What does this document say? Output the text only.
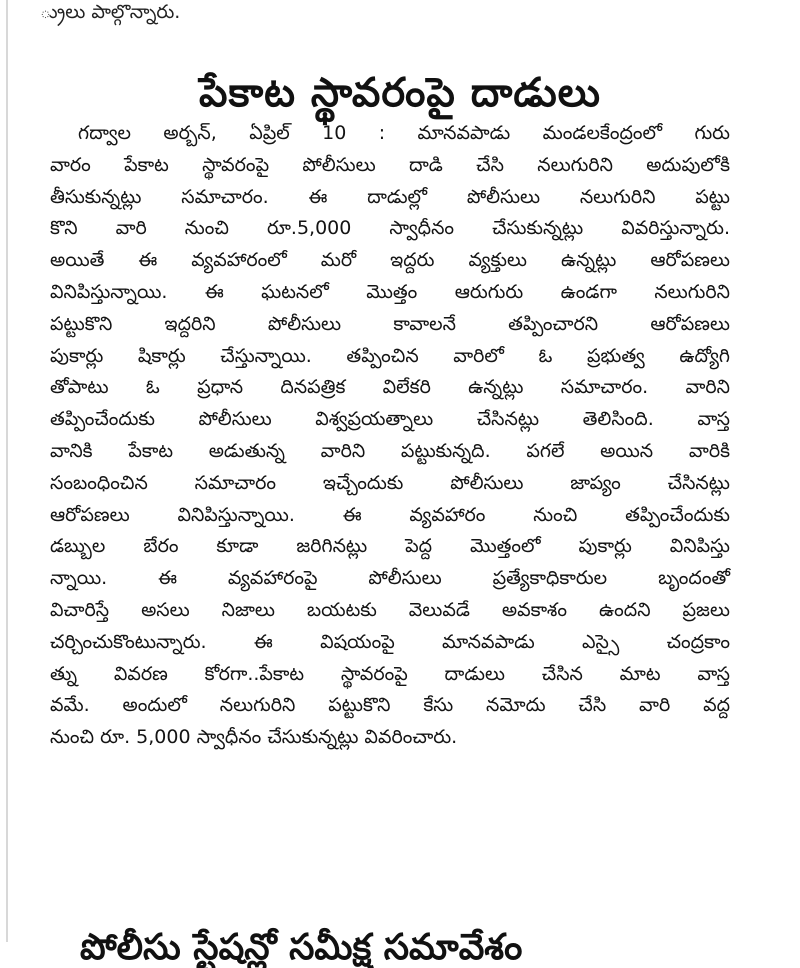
్రులు పాల్గొన్నారు.
పేకాట స్థావరంపై దాడులు
గద్వాల అర్బన్, ఏప్రిల్ 10 : మానవపాడు మండలకేంద్రంలో గురు
వారం పేకాట స్థావరంపై పోలీసులు దాడి చేసి నలుగురిని అదుపులోకి
తీసుకున్నట్లు సమాచారం. ఈ దాడుల్లో పోలీసులు నలుగురిని పట్టు
కొని వారి నుంచి రూ.5,000 స్వాధీనం చేసుకున్నట్లు వివరిస్తున్నారు.
అయితే ఈ వ్యవహారంలో మరో ఇద్దరు వ్యక్తులు ఉన్నట్లు ఆరోపణలు
వినిపిస్తున్నాయి. ఈ ఘటనలో మొత్తం ఆరుగురు ఉండగా నలుగురిని
పట్టుకొని ఇద్దరిని పోలీసులు కావాలనే తప్పించారని ఆరోపణలు
పుకార్లు షికార్లు చేస్తున్నాయి. తప్పించిన వారిలో ఓ ప్రభుత్వ ఉద్యోగి
తోపాటు ఓ ప్రధాన దినపత్రిక విలేకరి ఉన్నట్లు సమాచారం. వారిని
తప్పించేందుకు పోలీసులు విశ్వప్రయత్నాలు చేసినట్లు తెలిసింది. వాస్త
వానికి పేకాట అడుతున్న వారిని పట్టుకున్నది. పగలే అయిన వారికి
సంబంధించిన సమాచారం ఇచ్చేందుకు పోలీసులు జాప్యం చేసినట్లు
ఆరోపణలు వినిపిస్తున్నాయి. ఈ వ్యవహారం నుంచి తప్పించేందుకు
డబ్బుల బేరం కూడా జరిగినట్లు పెద్ద మొత్తంలో పుకార్లు వినిపిస్తు
న్నాయి. ఈ వ్యవహారంపై పోలీసులు ప్రత్యేకాధికారుల బృందంతో
విచారిస్తే అసలు నిజాలు బయటకు వెలువడే అవకాశం ఉందని ప్రజలు
చర్చించుకొంటున్నారు. ఈ విషయంపై మానవపాడు ఎస్సై చంద్రకాం
త్ను వివరణ కోరగా..పేకాట స్థావరంపై దాడులు చేసిన మాట వాస్త
వమే. అందులో నలుగురిని పట్టుకొని కేసు నమోదు చేసి వారి వద్ద
నుంచి రూ. 5,000 స్వాధీనం చేసుకున్నట్లు వివరించారు.
పోలీసు స్టేషన్లో సమీక్ష సమావేశం
